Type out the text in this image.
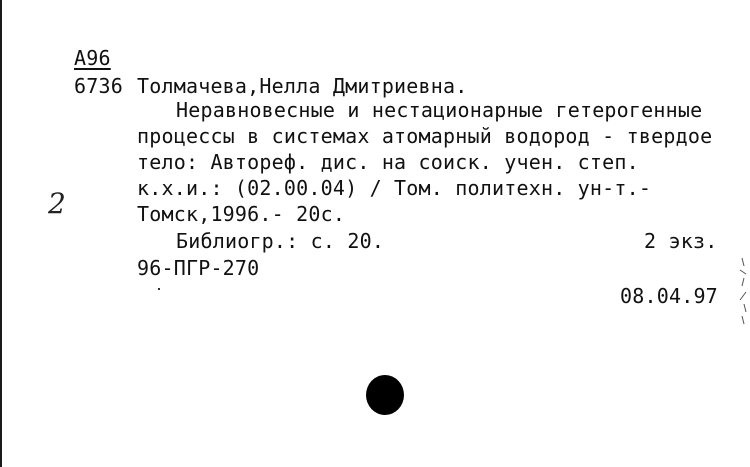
А96
6736 Толмачева,Нелла Дмитриевна.
Неравновесные и нестационарные гетерогенные
процессы в системах атомарный водород - твердое
тело: Автореф. дис. на соиск. учен. степ.
к.х.и.: (02.00.04) / Том. политехн. ун-т.-
Томск,1996.- 20с.
Библиогр.: с. 20.	2 экз.
96-ПГР-270
08.04.97
2
